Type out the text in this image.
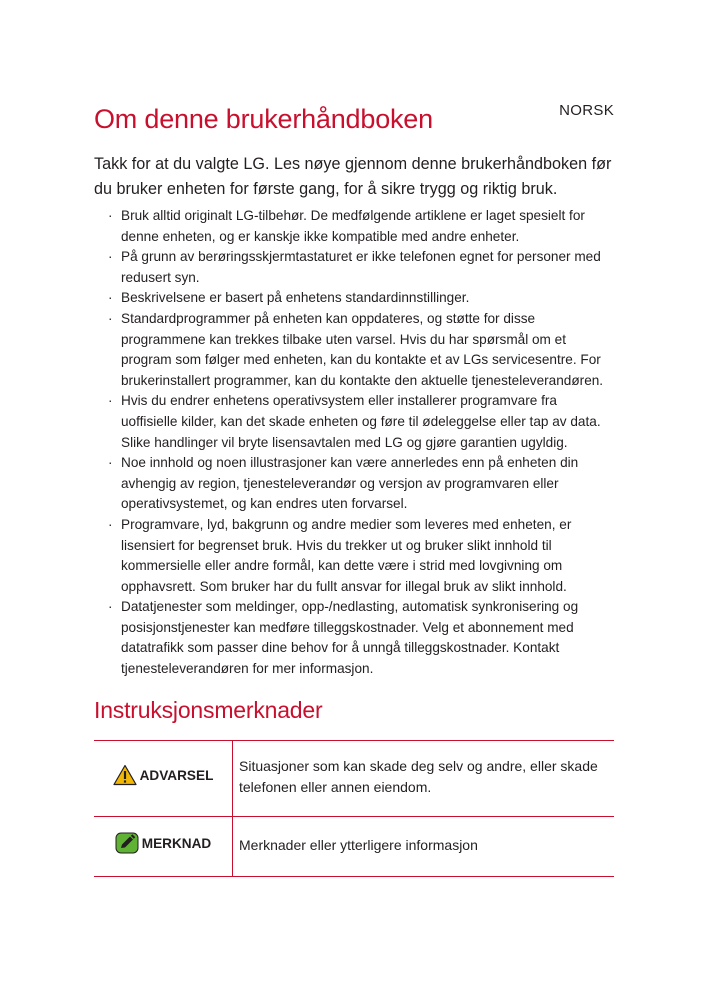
NORSK
Om denne brukerhåndboken

Takk for at du valgte LG. Les nøye gjennom denne brukerhåndboken før du bruker enheten for første gang, for å sikre trygg og riktig bruk.

· Bruk alltid originalt LG-tilbehør. De medfølgende artiklene er laget spesielt for denne enheten, og er kanskje ikke kompatible med andre enheter.
· På grunn av berøringsskjermtastaturet er ikke telefonen egnet for personer med redusert syn.
· Beskrivelsene er basert på enhetens standardinnstillinger.
· Standardprogrammer på enheten kan oppdateres, og støtte for disse programmene kan trekkes tilbake uten varsel. Hvis du har spørsmål om et program som følger med enheten, kan du kontakte et av LGs servicesentre. For brukerinstallert programmer, kan du kontakte den aktuelle tjenesteleverandøren.
· Hvis du endrer enhetens operativsystem eller installerer programvare fra uoffisielle kilder, kan det skade enheten og føre til ødeleggelse eller tap av data. Slike handlinger vil bryte lisensavtalen med LG og gjøre garantien ugyldig.
· Noe innhold og noen illustrasjoner kan være annerledes enn på enheten din avhengig av region, tjenesteleverandør og versjon av programvaren eller operativsystemet, og kan endres uten forvarsel.
· Programvare, lyd, bakgrunn og andre medier som leveres med enheten, er lisensiert for begrenset bruk. Hvis du trekker ut og bruker slikt innhold til kommersielle eller andre formål, kan dette være i strid med lovgivning om opphavsrett. Som bruker har du fullt ansvar for illegal bruk av slikt innhold.
· Datatjenester som meldinger, opp-/nedlasting, automatisk synkronisering og posisjonstjenester kan medføre tilleggskostnader. Velg et abonnement med datatrafikk som passer dine behov for å unngå tilleggskostnader. Kontakt tjenesteleverandøren for mer informasjon.
Instruksjonsmerknader
ADVARSEL	Situasjoner som kan skade deg selv og andre, eller skade telefonen eller annen eiendom.

MERKNAD	Merknader eller ytterligere informasjon
